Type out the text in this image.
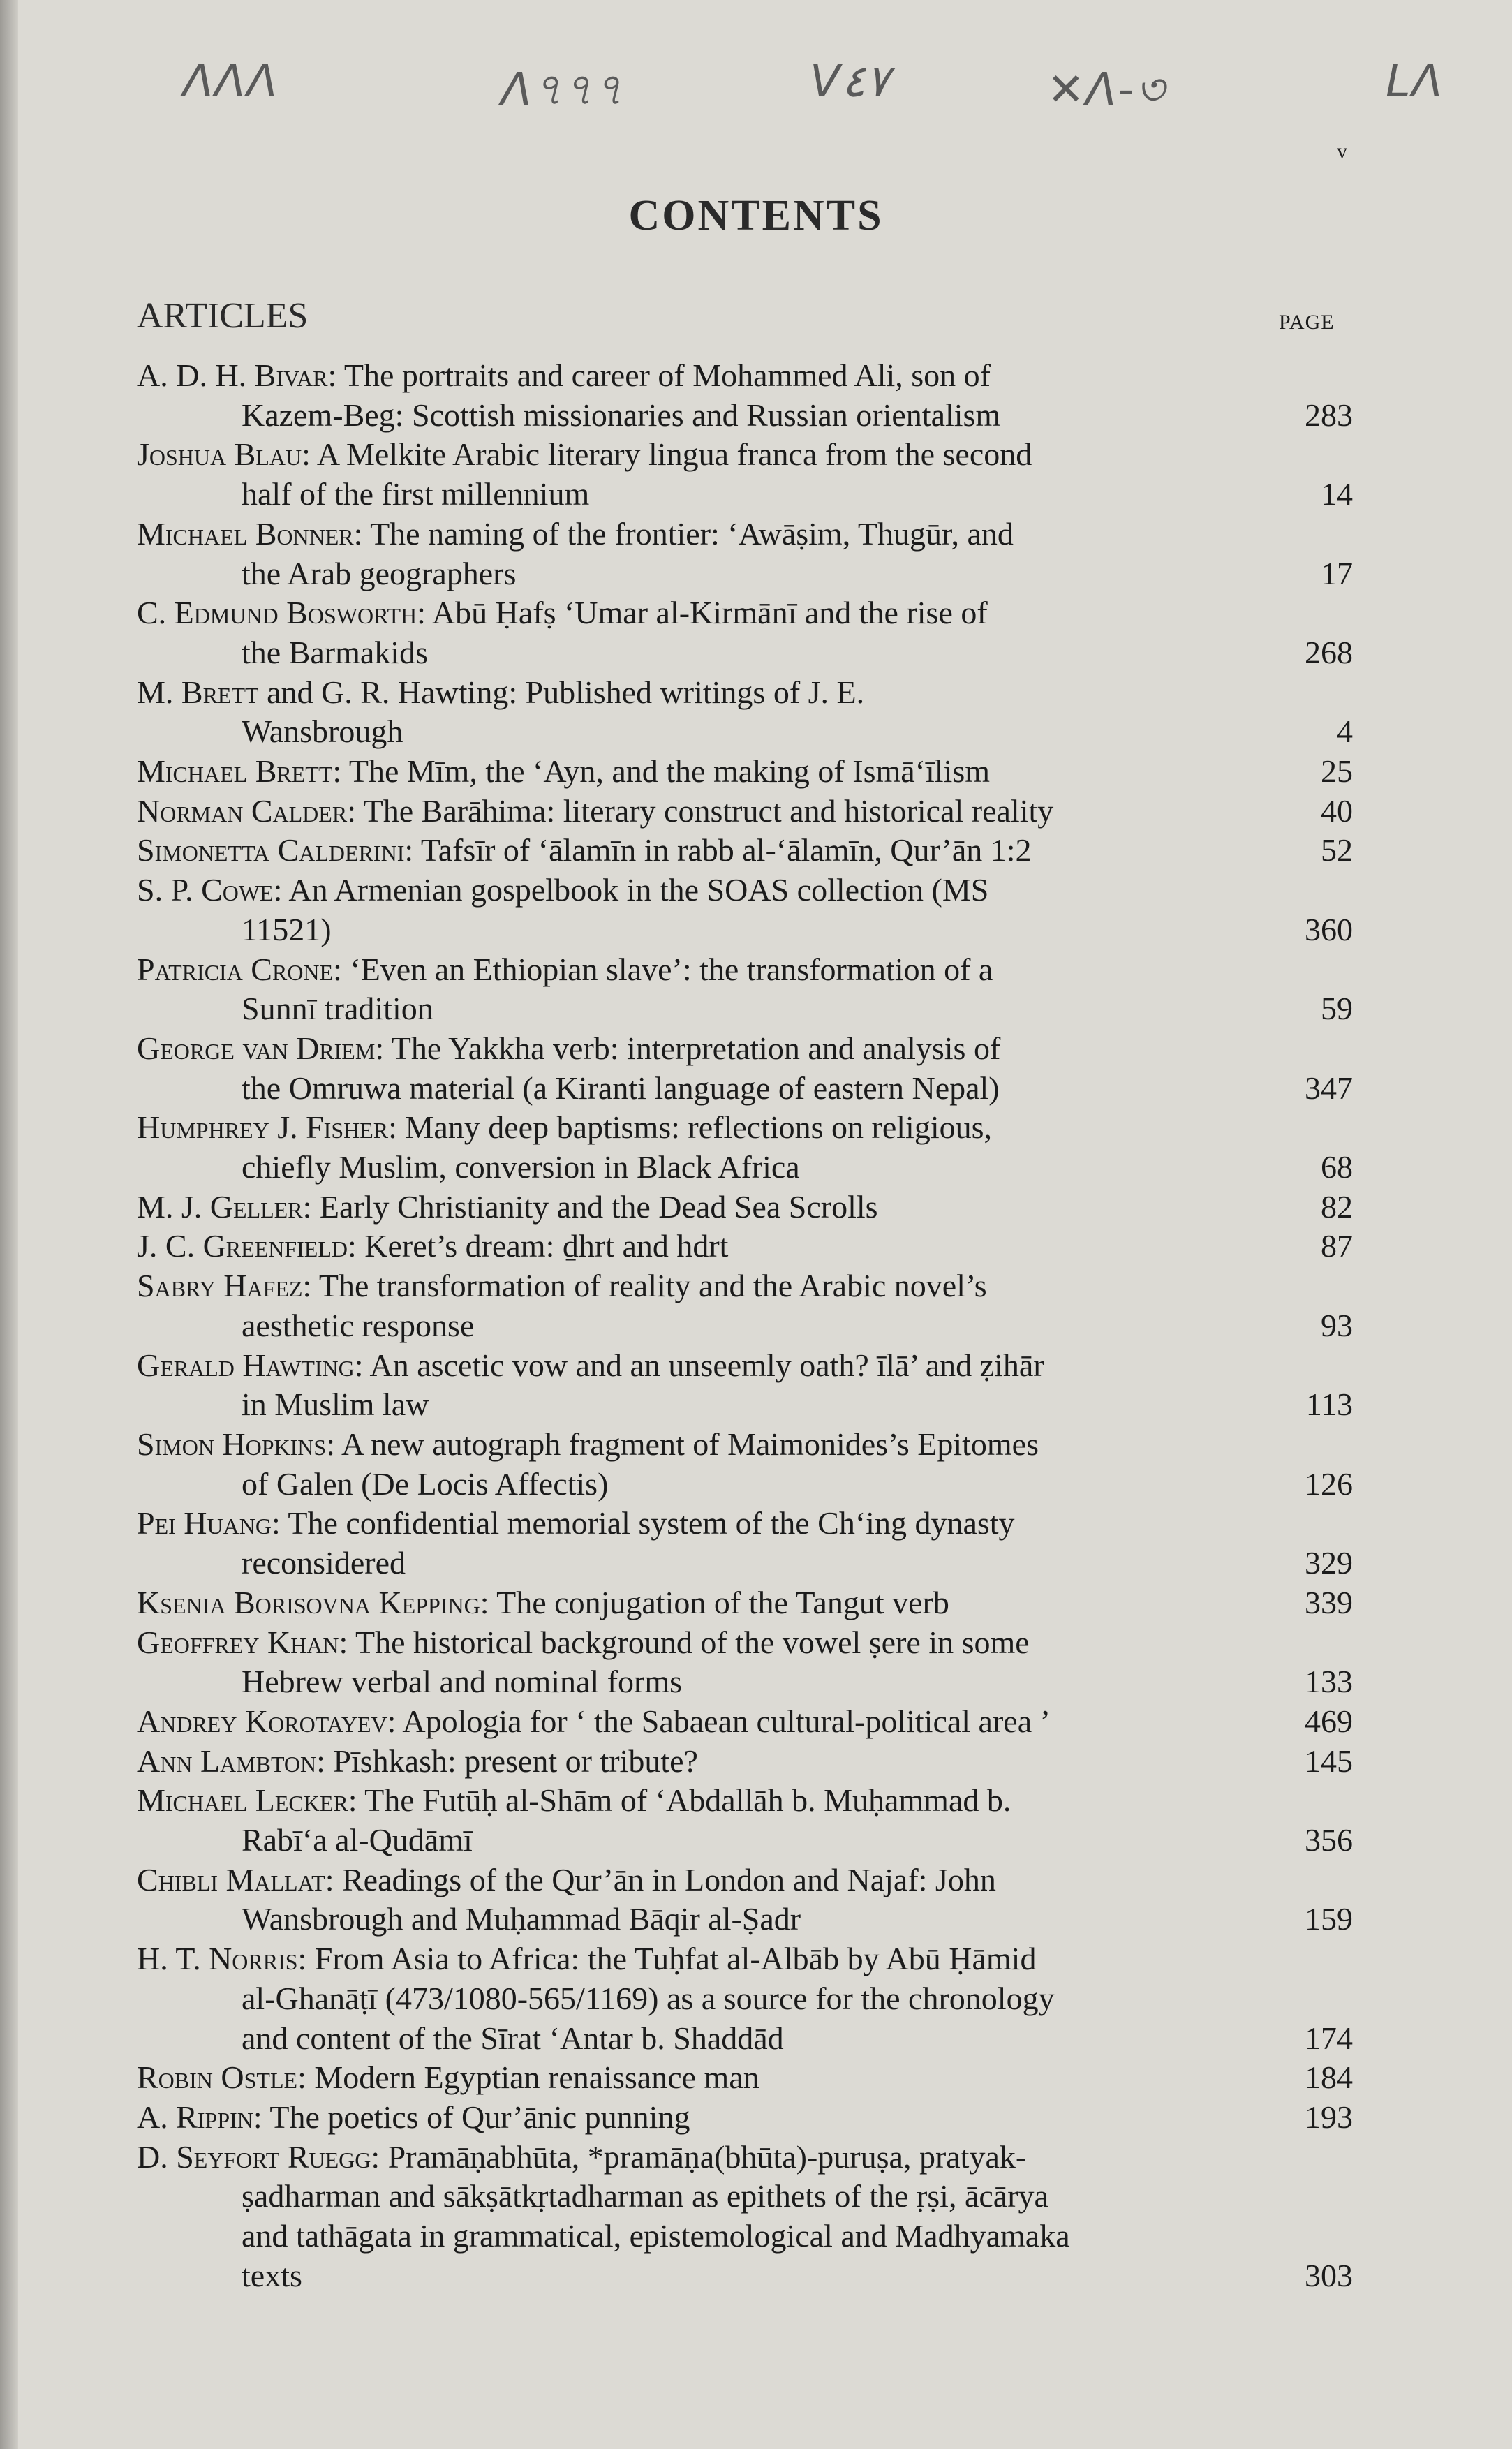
ᐱᐱᐱ	ᐱ৭৭৭	ᐯ٤٧	✕ᐱ-৩	ᒪᐱ
v
CONTENTS
ARTICLES	PAGE
A. D. H. Bivar: The portraits and career of Mohammed Ali, son of
Kazem-Beg: Scottish missionaries and Russian orientalism	283
Joshua Blau: A Melkite Arabic literary lingua franca from the second
half of the first millennium	14
Michael Bonner: The naming of the frontier: ‘Awāṣim, Thugūr, and
the Arab geographers	17
C. Edmund Bosworth: Abū Ḥafṣ ‘Umar al-Kirmānī and the rise of
the Barmakids	268
M. Brett and G. R. Hawting: Published writings of J. E.
Wansbrough	4
Michael Brett: The Mīm, the ‘Ayn, and the making of Ismā‘īlism	25
Norman Calder: The Barāhima: literary construct and historical reality	40
Simonetta Calderini: Tafsīr of ‘ālamīn in rabb al-‘ālamīn, Qur’ān 1:2	52
S. P. Cowe: An Armenian gospelbook in the SOAS collection (MS
11521)	360
Patricia Crone: ‘Even an Ethiopian slave’: the transformation of a
Sunnī tradition	59
George van Driem: The Yakkha verb: interpretation and analysis of
the Omruwa material (a Kiranti language of eastern Nepal)	347
Humphrey J. Fisher: Many deep baptisms: reflections on religious,
chiefly Muslim, conversion in Black Africa	68
M. J. Geller: Early Christianity and the Dead Sea Scrolls	82
J. C. Greenfield: Keret’s dream: ḏhrt and hdrt	87
Sabry Hafez: The transformation of reality and the Arabic novel’s
aesthetic response	93
Gerald Hawting: An ascetic vow and an unseemly oath? īlā’ and ẓihār
in Muslim law	113
Simon Hopkins: A new autograph fragment of Maimonides’s Epitomes
of Galen (De Locis Affectis)	126
Pei Huang: The confidential memorial system of the Ch‘ing dynasty
reconsidered	329
Ksenia Borisovna Kepping: The conjugation of the Tangut verb	339
Geoffrey Khan: The historical background of the vowel ṣere in some
Hebrew verbal and nominal forms	133
Andrey Korotayev: Apologia for ‘ the Sabaean cultural-political area ’	469
Ann Lambton: Pīshkash: present or tribute?	145
Michael Lecker: The Futūḥ al-Shām of ‘Abdallāh b. Muḥammad b.
Rabī‘a al-Qudāmī	356
Chibli Mallat: Readings of the Qur’ān in London and Najaf: John
Wansbrough and Muḥammad Bāqir al-Ṣadr	159
H. T. Norris: From Asia to Africa: the Tuḥfat al-Albāb by Abū Ḥāmid
al-Ghanāṭī (473/1080-565/1169) as a source for the chronology
and content of the Sīrat ‘Antar b. Shaddād	174
Robin Ostle: Modern Egyptian renaissance man	184
A. Rippin: The poetics of Qur’ānic punning	193
D. Seyfort Ruegg: Pramāṇabhūta, *pramāṇa(bhūta)-puruṣa, pratyak-
ṣadharman and sākṣātkṛtadharman as epithets of the ṛṣi, ācārya
and tathāgata in grammatical, epistemological and Madhyamaka
texts	303
